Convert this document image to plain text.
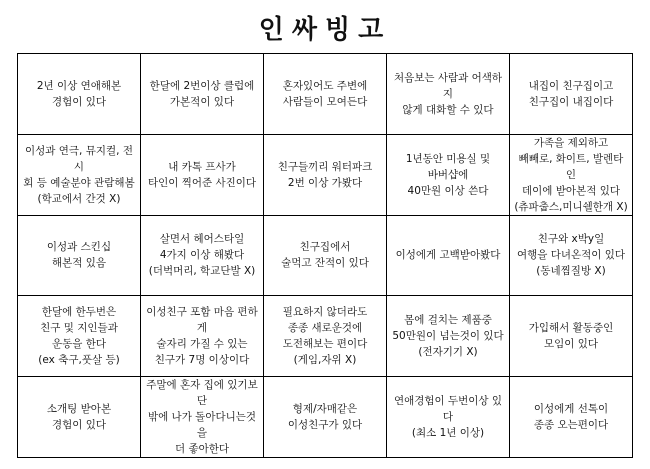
인싸빙고
2년 이상 연애해본
경험이 있다	한달에 2번이상 클럽에
가본적이 있다	혼자있어도 주변에
사람들이 모여든다	처음보는 사람과 어색하지
않게 대화할 수 있다	내집이 친구집이고
친구집이 내집이다
이성과 연극, 뮤지컬, 전시
회 등 예술분야 관람해봄
(학교에서 간것 X)	내 카톡 프사가
타인이 찍어준 사진이다	친구들끼리 워터파크
2번 이상 가봤다	1년동안 미용실 및
바버샵에
40만원 이상 쓴다	가족을 제외하고
빼빼로, 화이트, 발렌타인
데이에 받아본적 있다
(츄파춥스,미니쉘한개 X)
이성과 스킨십
해본적 있음	살면서 헤어스타일
4가지 이상 해봤다
(더벅머리, 학교단발 X)	친구집에서
술먹고 잔적이 있다	이성에게 고백받아봤다	친구와 x박y일
여행을 다녀온적이 있다
(동네찜질방 X)
한달에 한두번은
친구 및 지인들과
운동을 한다
(ex 축구,풋살 등)	이성친구 포함 마음 편하게
술자리 가질 수 있는
친구가 7명 이상이다	필요하지 않더라도
종종 새로운것에
도전해보는 편이다
(게임,자위 X)	몸에 걸치는 제품중
50만원이 넘는것이 있다
(전자기기 X)	가입해서 활동중인
모임이 있다
소개팅 받아본
경험이 있다	주말에 혼자 집에 있기보단
밖에 나가 돌아다니는것을
더 좋아한다	형제/자매같은
이성친구가 있다	연애경험이 두번이상 있다
(최소 1년 이상)	이성에게 선톡이
종종 오는편이다
